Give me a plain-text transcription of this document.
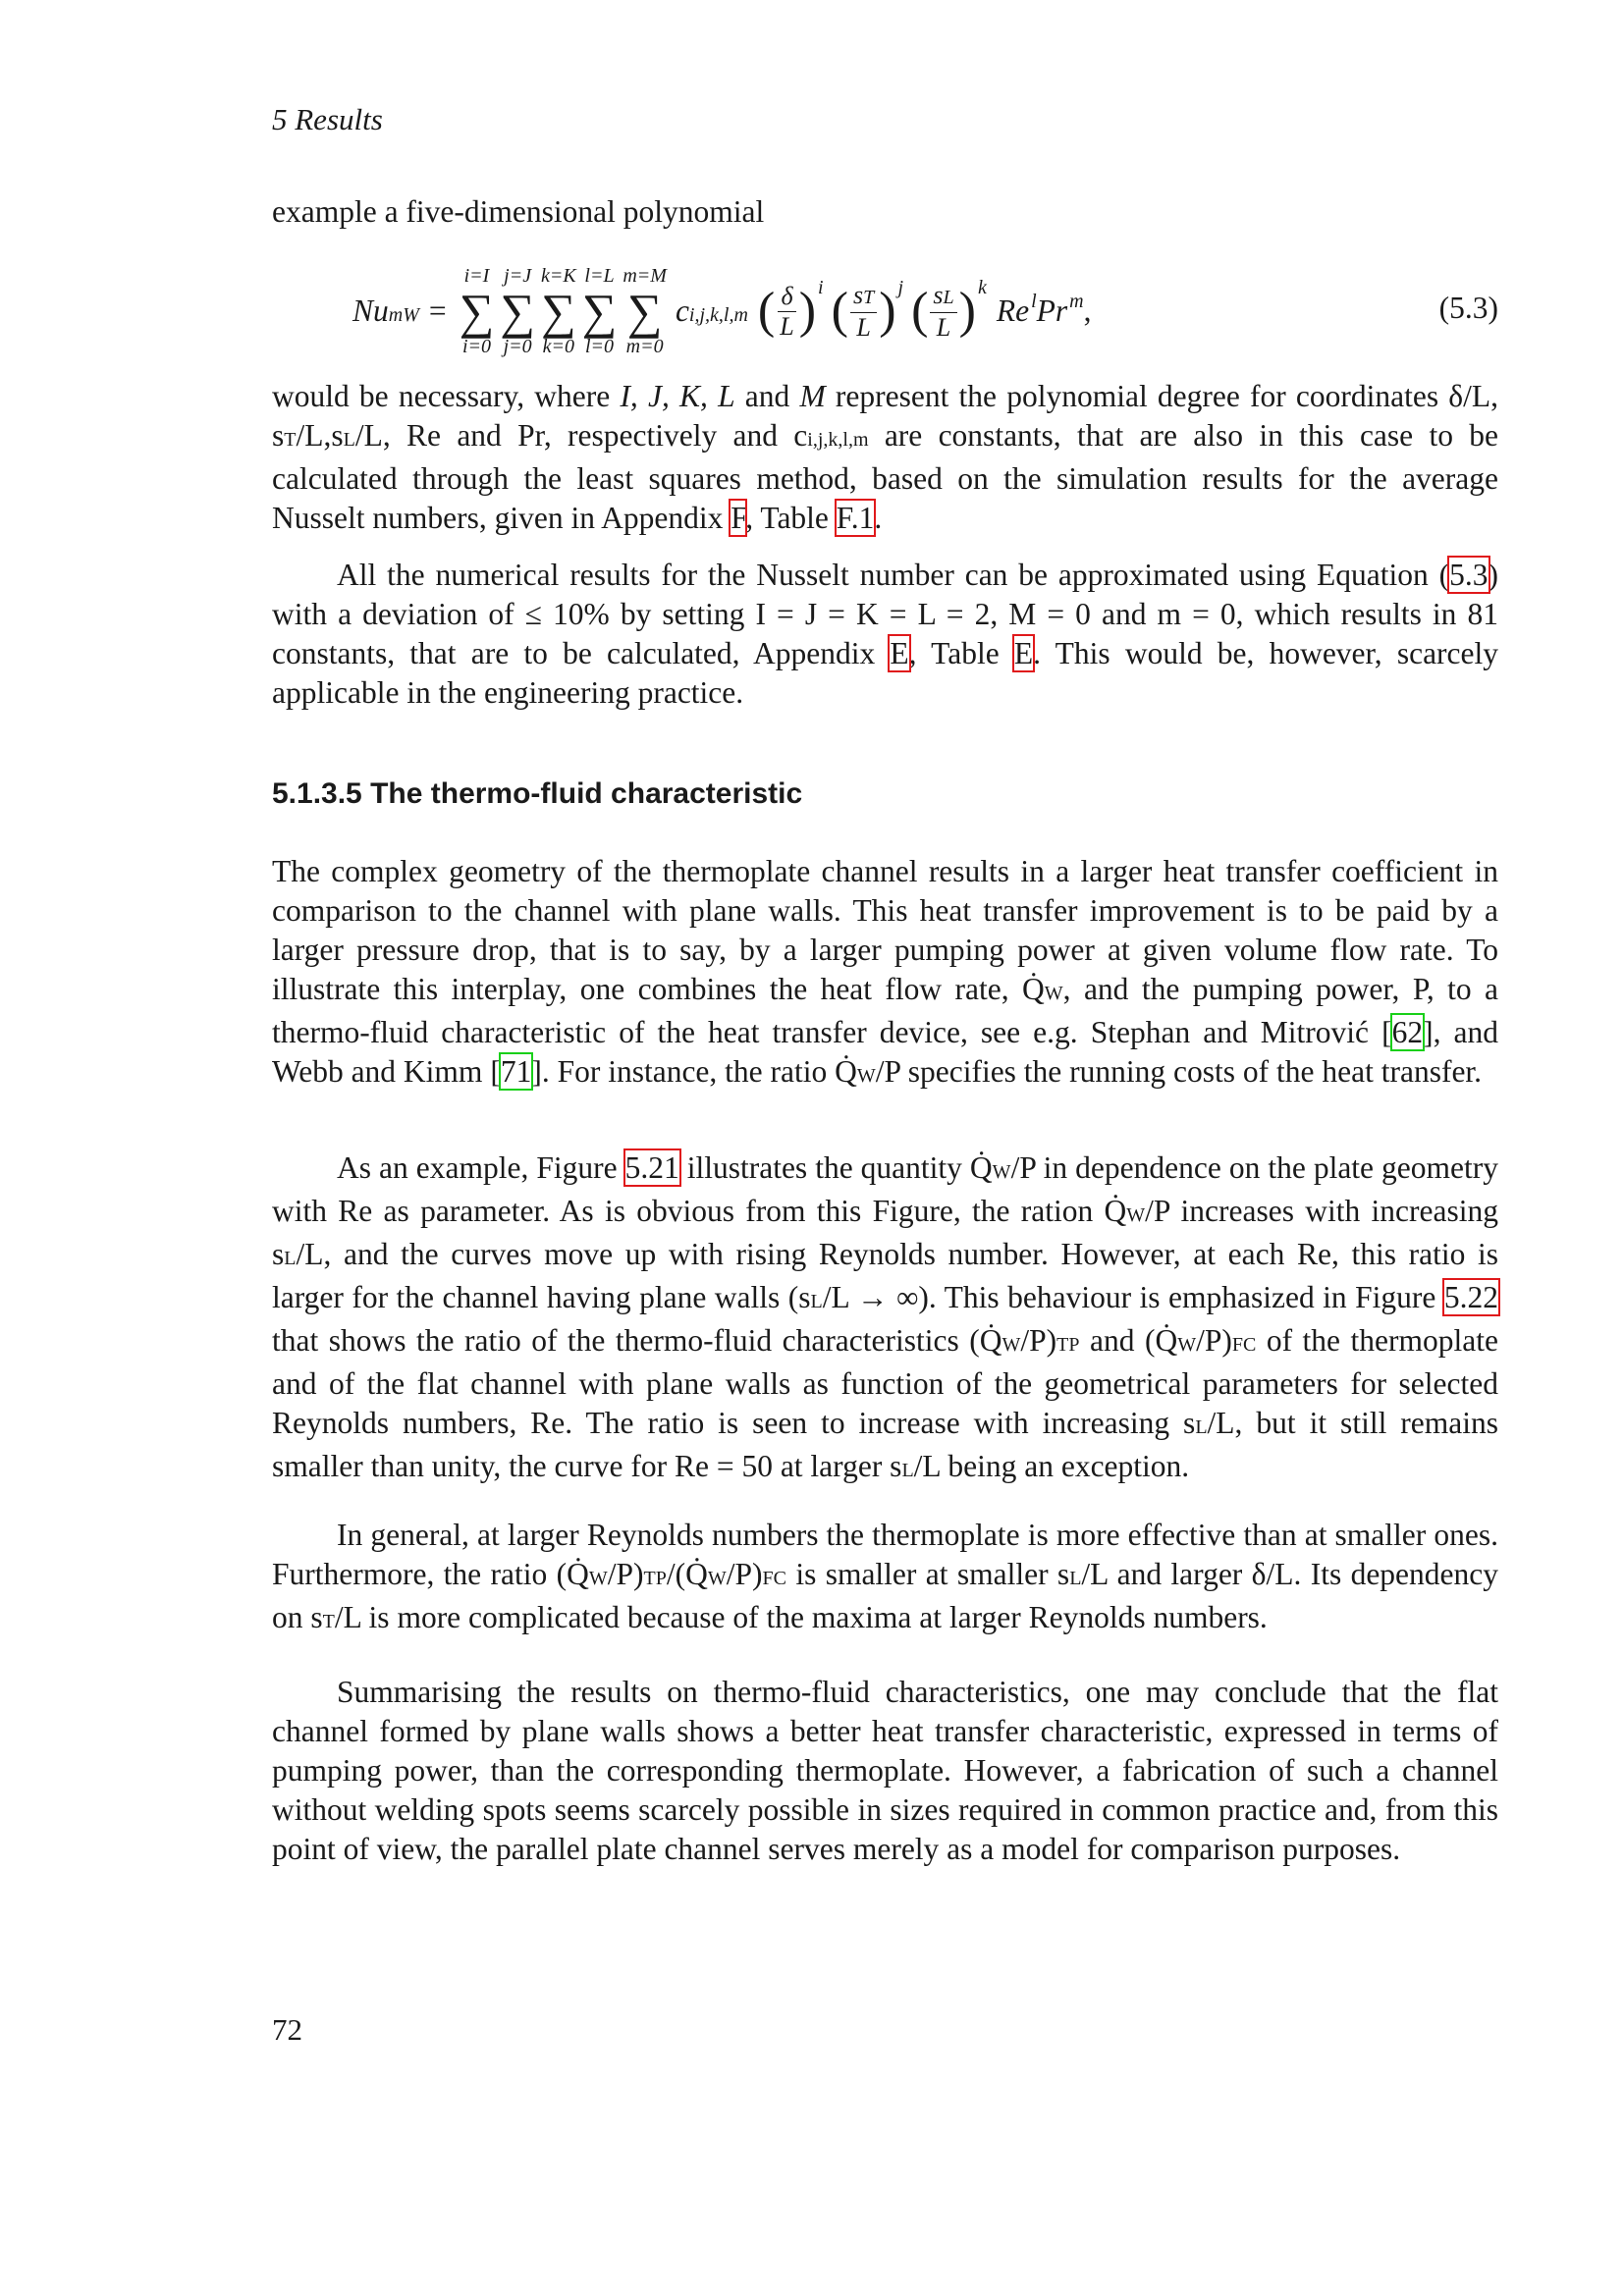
5 Results

example a five-dimensional polynomial

NumW =
i=I
∑
i=0
j=J
∑
j=0
k=K
∑
k=0
l=L
∑
l=0
m=M
∑
m=0
ci,j,k,l,m ( $\frac{\delta}{L}$ ) i ( $\frac{sT}{L}$ ) j ( $\frac{sL}{L}$ ) k
Re $^l$ Pr $^m$ ,	(5.3)

would be necessary, where I, J, K, L and M represent the polynomial degree for coordinates δ/L, sT/L,sL/L, Re and Pr, respectively and ci,j,k,l,m are constants, that are also in this case to be calculated through the least squares method, based on the simulation results for the average Nusselt numbers, given in Appendix F, Table F.1.

All the numerical results for the Nusselt number can be approximated using Equation (5.3) with a deviation of ≤ 10% by setting I = J = K = L = 2, M = 0 and m = 0, which results in 81 constants, that are to be calculated, Appendix E, Table E. This would be, however, scarcely applicable in the engineering practice.

5.1.3.5 The thermo-fluid characteristic

The complex geometry of the thermoplate channel results in a larger heat transfer coefficient in comparison to the channel with plane walls. This heat transfer improvement is to be paid by a larger pressure drop, that is to say, by a larger pumping power at given volume flow rate. To illustrate this interplay, one combines the heat flow rate, Q̇W, and the pumping power, P, to a thermo-fluid characteristic of the heat transfer device, see e.g. Stephan and Mitrović [62], and Webb and Kimm [71]. For instance, the ratio Q̇W/P specifies the running costs of the heat transfer.

As an example, Figure 5.21 illustrates the quantity Q̇W/P in dependence on the plate geometry with Re as parameter. As is obvious from this Figure, the ration Q̇W/P increases with increasing sL/L, and the curves move up with rising Reynolds number. However, at each Re, this ratio is larger for the channel having plane walls (sL/L → ∞). This behaviour is emphasized in Figure 5.22 that shows the ratio of the thermo-fluid characteristics (Q̇W/P)TP and (Q̇W/P)FC of the thermoplate and of the flat channel with plane walls as function of the geometrical parameters for selected Reynolds numbers, Re. The ratio is seen to increase with increasing sL/L, but it still remains smaller than unity, the curve for Re = 50 at larger sL/L being an exception.

In general, at larger Reynolds numbers the thermoplate is more effective than at smaller ones. Furthermore, the ratio (Q̇W/P)TP/(Q̇W/P)FC is smaller at smaller sL/L and larger δ/L. Its dependency on sT/L is more complicated because of the maxima at larger Reynolds numbers.

Summarising the results on thermo-fluid characteristics, one may conclude that the flat channel formed by plane walls shows a better heat transfer characteristic, expressed in terms of pumping power, than the corresponding thermoplate. However, a fabrication of such a channel without welding spots seems scarcely possible in sizes required in common practice and, from this point of view, the parallel plate channel serves merely as a model for comparison purposes.

72
